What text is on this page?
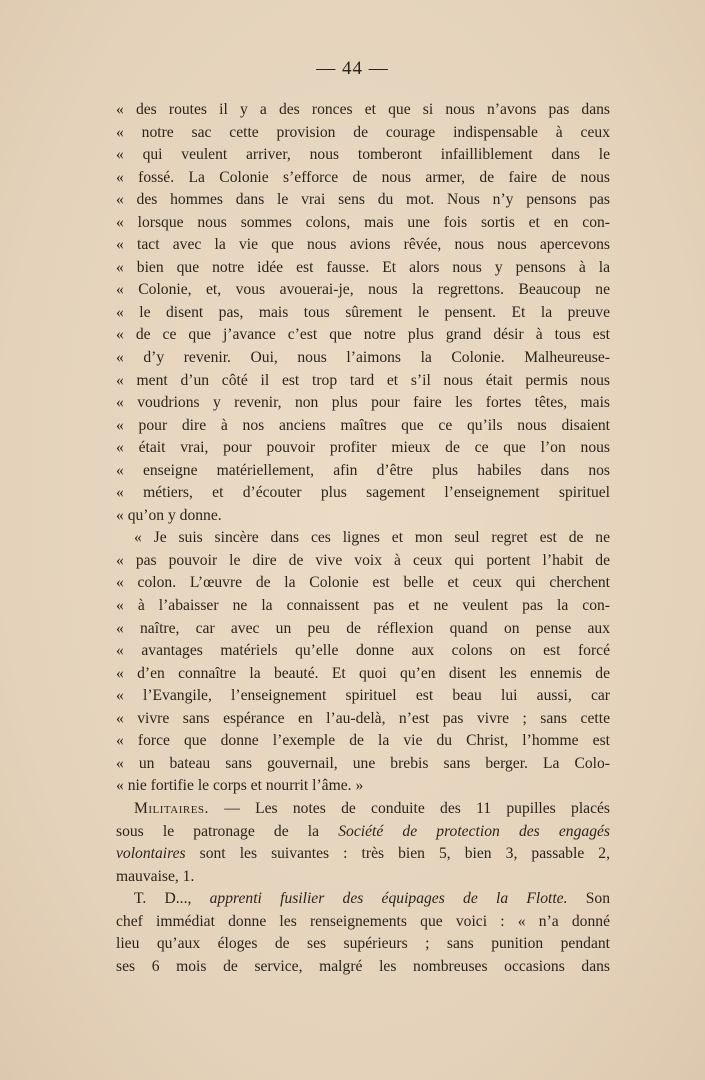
— 44 —
« des routes il y a des ronces et que si nous n’avons pas dans
« notre sac cette provision de courage indispensable à ceux
« qui veulent arriver, nous tomberont infailliblement dans le
« fossé. La Colonie s’efforce de nous armer, de faire de nous
« des hommes dans le vrai sens du mot. Nous n’y pensons pas
« lorsque nous sommes colons, mais une fois sortis et en con-
« tact avec la vie que nous avions rêvée, nous nous apercevons
« bien que notre idée est fausse. Et alors nous y pensons à la
« Colonie, et, vous avouerai-je, nous la regrettons. Beaucoup ne
« le disent pas, mais tous sûrement le pensent. Et la preuve
« de ce que j’avance c’est que notre plus grand désir à tous est
« d’y revenir. Oui, nous l’aimons la Colonie. Malheureuse-
« ment d’un côté il est trop tard et s’il nous était permis nous
« voudrions y revenir, non plus pour faire les fortes têtes, mais
« pour dire à nos anciens maîtres que ce qu’ils nous disaient
« était vrai, pour pouvoir profiter mieux de ce que l’on nous
« enseigne matériellement, afin d’être plus habiles dans nos
« métiers, et d’écouter plus sagement l’enseignement spirituel
« qu’on y donne.
« Je suis sincère dans ces lignes et mon seul regret est de ne
« pas pouvoir le dire de vive voix à ceux qui portent l’habit de
« colon. L’œuvre de la Colonie est belle et ceux qui cherchent
« à l’abaisser ne la connaissent pas et ne veulent pas la con-
« naître, car avec un peu de réflexion quand on pense aux
« avantages matériels qu’elle donne aux colons on est forcé
« d’en connaître la beauté. Et quoi qu’en disent les ennemis de
« l’Evangile, l’enseignement spirituel est beau lui aussi, car
« vivre sans espérance en l’au-delà, n’est pas vivre ; sans cette
« force que donne l’exemple de la vie du Christ, l’homme est
« un bateau sans gouvernail, une brebis sans berger. La Colo-
« nie fortifie le corps et nourrit l’âme. »
Militaires. — Les notes de conduite des 11 pupilles placés
sous le patronage de la Société de protection des engagés
volontaires sont les suivantes : très bien 5, bien 3, passable 2,
mauvaise, 1.
T. D..., apprenti fusilier des équipages de la Flotte. Son
chef immédiat donne les renseignements que voici : « n’a donné
lieu qu’aux éloges de ses supérieurs ; sans punition pendant
ses 6 mois de service, malgré les nombreuses occasions dans
